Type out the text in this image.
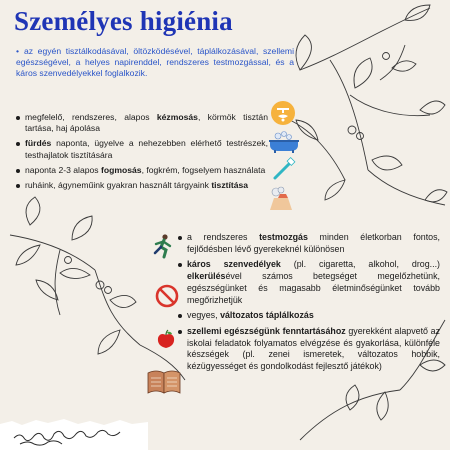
Személyes higiénia
• az egyén tisztálkodásával, öltözködésével, táplálkozásával, szellemi egészségével, a helyes napirenddel, rendszeres testmozgással, és a káros szenvedélyekkel foglalkozik.
megfelelő, rendszeres, alapos kézmosás, körmök tisztán tartása, haj ápolása
fürdés naponta, ügyelve a nehezebben elérhető testrészek, testhajlatok tisztítására
naponta 2-3 alapos fogmosás, fogkrém, fogselyem használata
ruháink, ágyneműink gyakran használt tárgyaink tisztítása
a rendszeres testmozgás minden életkorban fontos, fejlődésben lévő gyerekeknél különösen
káros szenvedélyek (pl. cigaretta, alkohol, drog...) elkerülésével számos betegséget megelőzhetünk, egészségünket és magasabb életminőségünket tovább megőrizhetjük
vegyes, változatos táplálkozás
szellemi egészségünk fenntartásához gyerekként alapvető az iskolai feladatok folyamatos elvégzése és gyakorlása, különféle készségek (pl. zenei ismeretek, változatos hobbik, kézügyességet és gondolkodást fejlesztő játékok)
